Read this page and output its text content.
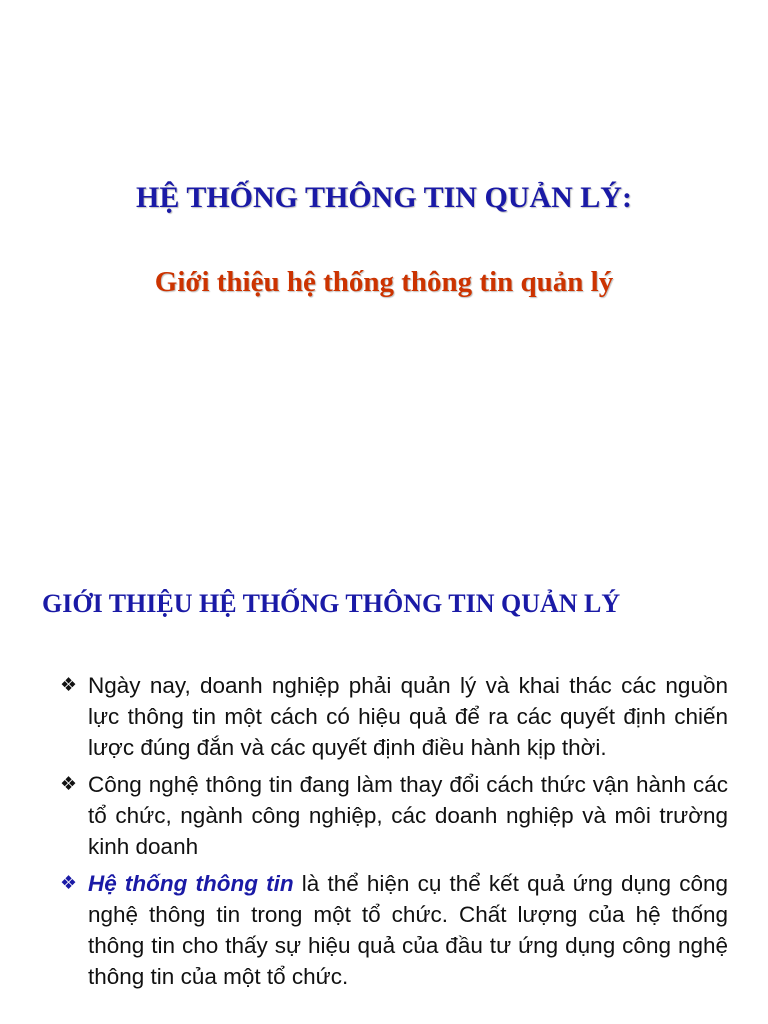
HỆ THỐNG THÔNG TIN QUẢN LÝ:
Giới thiệu hệ thống thông tin quản lý
GIỚI THIỆU HỆ THỐNG THÔNG TIN QUẢN LÝ
❖ Ngày nay, doanh nghiệp phải quản lý và khai thác các nguồn lực thông tin một cách có hiệu quả để ra các quyết định chiến lược đúng đắn và các quyết định điều hành kịp thời.
❖ Công nghệ thông tin đang làm thay đổi cách thức vận hành các tổ chức, ngành công nghiệp, các doanh nghiệp và môi trường kinh doanh
❖ Hệ thống thông tin là thể hiện cụ thể kết quả ứng dụng công nghệ thông tin trong một tổ chức. Chất lượng của hệ thống thông tin cho thấy sự hiệu quả của đầu tư ứng dụng công nghệ thông tin của một tổ chức.
